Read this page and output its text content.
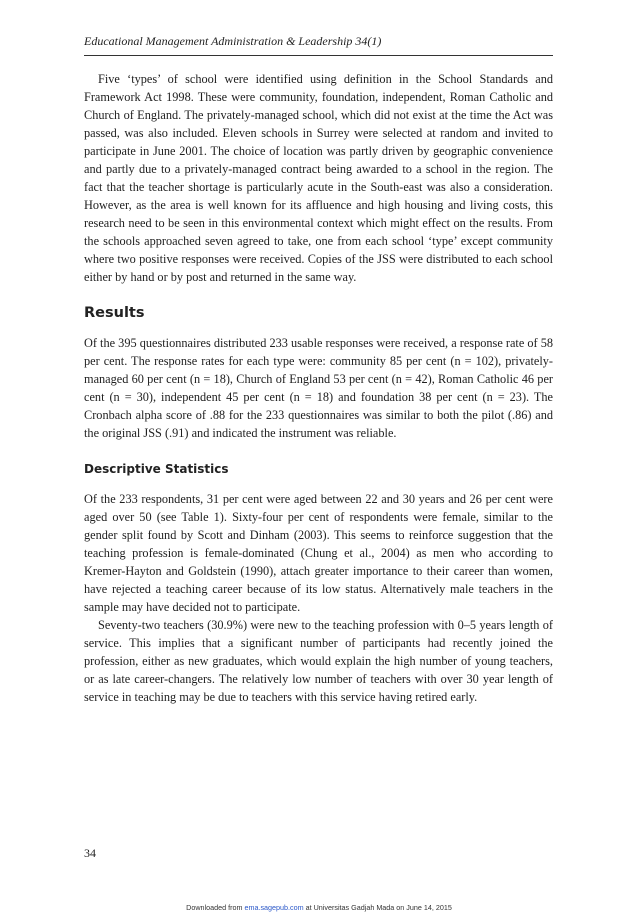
Educational Management Administration & Leadership 34(1)

Five ‘types’ of school were identified using definition in the School Standards and Framework Act 1998. These were community, foundation, independent, Roman Catholic and Church of England. The privately-managed school, which did not exist at the time the Act was passed, was also included. Eleven schools in Surrey were selected at random and invited to participate in June 2001. The choice of location was partly driven by geographic convenience and partly due to a privately-managed contract being awarded to a school in the region. The fact that the teacher shortage is particularly acute in the South-east was also a consideration. However, as the area is well known for its affluence and high housing and living costs, this research need to be seen in this environmental context which might effect on the results. From the schools approached seven agreed to take, one from each school ‘type’ except community where two positive responses were received. Copies of the JSS were distributed to each school either by hand or by post and returned in the same way.

Results

Of the 395 questionnaires distributed 233 usable responses were received, a response rate of 58 per cent. The response rates for each type were: community 85 per cent (n = 102), privately-managed 60 per cent (n = 18), Church of England 53 per cent (n = 42), Roman Catholic 46 per cent (n = 30), independent 45 per cent (n = 18) and foundation 38 per cent (n = 23). The Cronbach alpha score of .88 for the 233 questionnaires was similar to both the pilot (.86) and the original JSS (.91) and indicated the instrument was reliable.

Descriptive Statistics

Of the 233 respondents, 31 per cent were aged between 22 and 30 years and 26 per cent were aged over 50 (see Table 1). Sixty-four per cent of respondents were female, similar to the gender split found by Scott and Dinham (2003). This seems to reinforce suggestion that the teaching profession is female-dominated (Chung et al., 2004) as men who according to Kremer-Hayton and Goldstein (1990), attach greater importance to their career than women, have rejected a teaching career because of its low status. Alternatively male teachers in the sample may have decided not to participate.

Seventy-two teachers (30.9%) were new to the teaching profession with 0–5 years length of service. This implies that a significant number of participants had recently joined the profession, either as new graduates, which would explain the high number of young teachers, or as late career-changers. The relatively low number of teachers with over 30 year length of service in teaching may be due to teachers with this service having retired early.

34
Downloaded from ema.sagepub.com at Universitas Gadjah Mada on June 14, 2015
